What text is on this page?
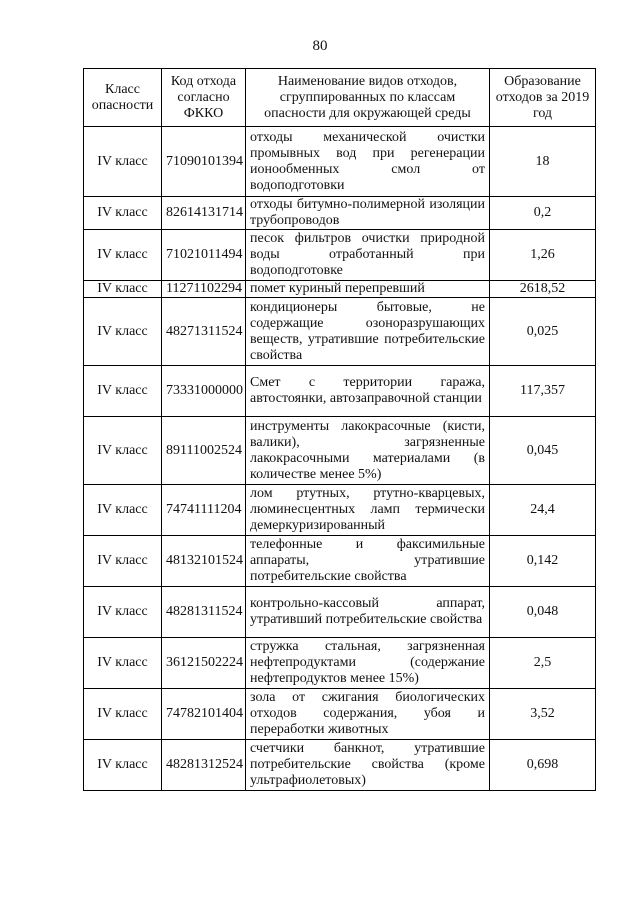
80
Класс опасности	Код отхода согласно ФККО	Наименование видов отходов, сгруппированных по классам опасности для окружающей среды	Образование отходов за 2019 год
IV класс	71090101394	отходы механической очистки промывных вод при регенерации ионообменных смол от водоподготовки	18
IV класс	82614131714	отходы битумно-полимерной изоляции трубопроводов	0,2
IV класс	71021011494	песок фильтров очистки природной воды отработанный при водоподготовке	1,26
IV класс	11271102294	помет куриный перепревший	2618,52
IV класс	48271311524	кондиционеры бытовые, не содержащие озоноразрушающих веществ, утратившие потребительские свойства	0,025
IV класс	73331000000	Смет с территории гаража, автостоянки, автозаправочной станции	117,357
IV класс	89111002524	инструменты лакокрасочные (кисти, валики), загрязненные лакокрасочными материалами (в количестве менее 5%)	0,045
IV класс	74741111204	лом ртутных, ртутно-кварцевых, люминесцентных ламп термически демеркуризированный	24,4
IV класс	48132101524	телефонные и факсимильные аппараты, утратившие потребительские свойства	0,142
IV класс	48281311524	контрольно-кассовый аппарат, утративший потребительские свойства	0,048
IV класс	36121502224	стружка стальная, загрязненная нефтепродуктами (содержание нефтепродуктов менее 15%)	2,5
IV класс	74782101404	зола от сжигания биологических отходов содержания, убоя и переработки животных	3,52
IV класс	48281312524	счетчики банкнот, утратившие потребительские свойства (кроме ультрафиолетовых)	0,698
